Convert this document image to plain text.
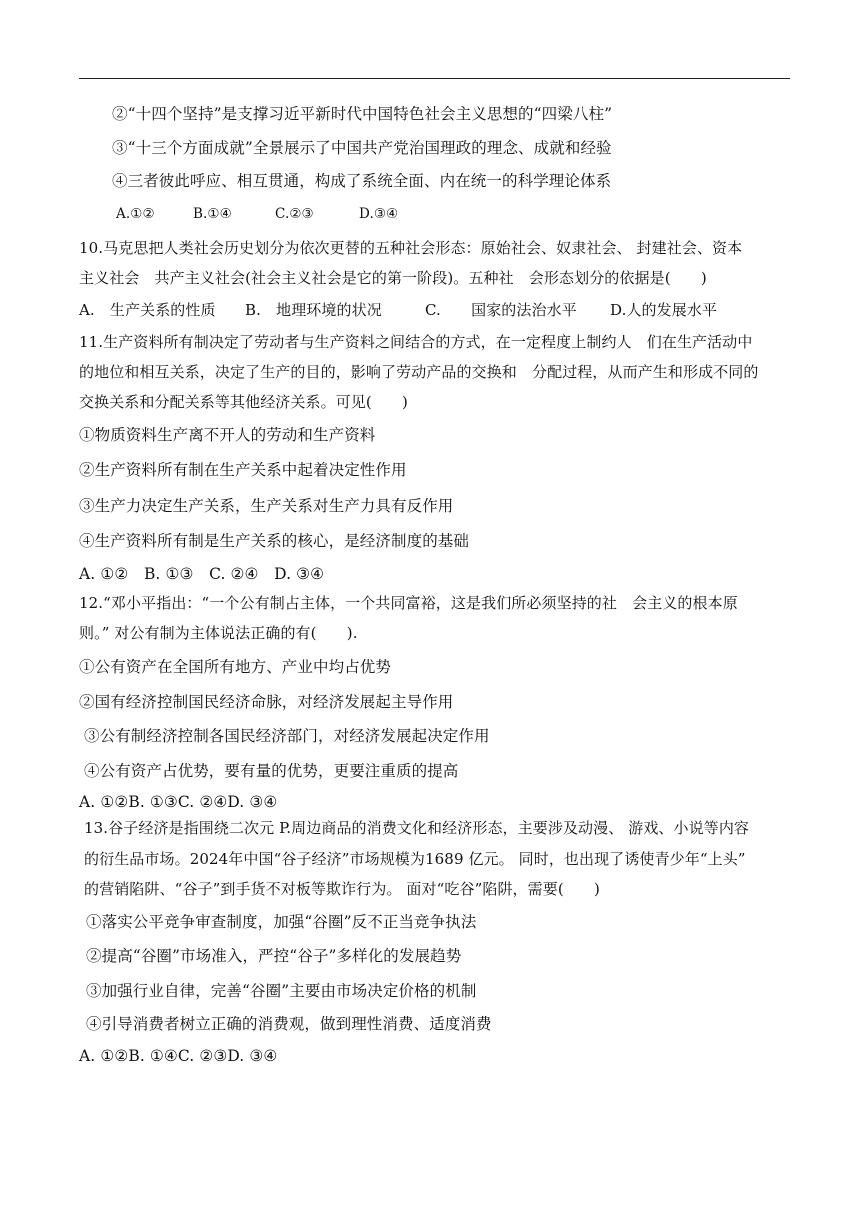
②“十四个坚持”是支撑习近平新时代中国特色社会主义思想的“四梁八柱”
③“十三个方面成就”全景展示了中国共产党治国理政的理念、成就和经验
④三者彼此呼应、相互贯通，构成了系统全面、内在统一的科学理论体系
A.①②	B.①④	C.②③	D.③④
10.马克思把人类社会历史划分为依次更替的五种社会形态：原始社会、奴隶社会、 封建社会、资本
主义社会　共产主义社会(社会主义社会是它的第一阶段)。五种社　会形态划分的依据是(　　)
A.　生产关系的性质 B.　地理环境的状况	C.　　国家的法治水平 D.人的发展水平
11.生产资料所有制决定了劳动者与生产资料之间结合的方式，在一定程度上制约人　们在生产活动中
的地位和相互关系，决定了生产的目的，影响了劳动产品的交换和　分配过程，从而产生和形成不同的
交换关系和分配关系等其他经济关系。可见(　　)
①物质资料生产离不开人的劳动和生产资料
②生产资料所有制在生产关系中起着决定性作用
③生产力决定生产关系，生产关系对生产力具有反作用
④生产资料所有制是生产关系的核心，是经济制度的基础
A. ①②　B. ①③　C. ②④　D. ③④
12.“邓小平指出：“一个公有制占主体，一个共同富裕，这是我们所必须坚持的社　会主义的根本原
则。” 对公有制为主体说法正确的有(　　).
①公有资产在全国所有地方、产业中均占优势
②国有经济控制国民经济命脉，对经济发展起主导作用
③公有制经济控制各国民经济部门，对经济发展起决定作用
④公有资产占优势，要有量的优势，更要注重质的提高
A. ①②B. ①③C. ②④D. ③④
13.谷子经济是指围绕二次元 P.周边商品的消费文化和经济形态，主要涉及动漫、 游戏、小说等内容
的衍生品市场。2024年中国“谷子经济”市场规模为1689 亿元。 同时，也出现了诱使青少年“上头”
的营销陷阱、“谷子”到手货不对板等欺诈行为。 面对“吃谷”陷阱，需要(　　)
①落实公平竞争审查制度，加强“谷圈”反不正当竞争执法
②提高“谷圈”市场准入，严控“谷子”多样化的发展趋势
③加强行业自律，完善“谷圈”主要由市场决定价格的机制
④引导消费者树立正确的消费观，做到理性消费、适度消费
A. ①②B. ①④C. ②③D. ③④
